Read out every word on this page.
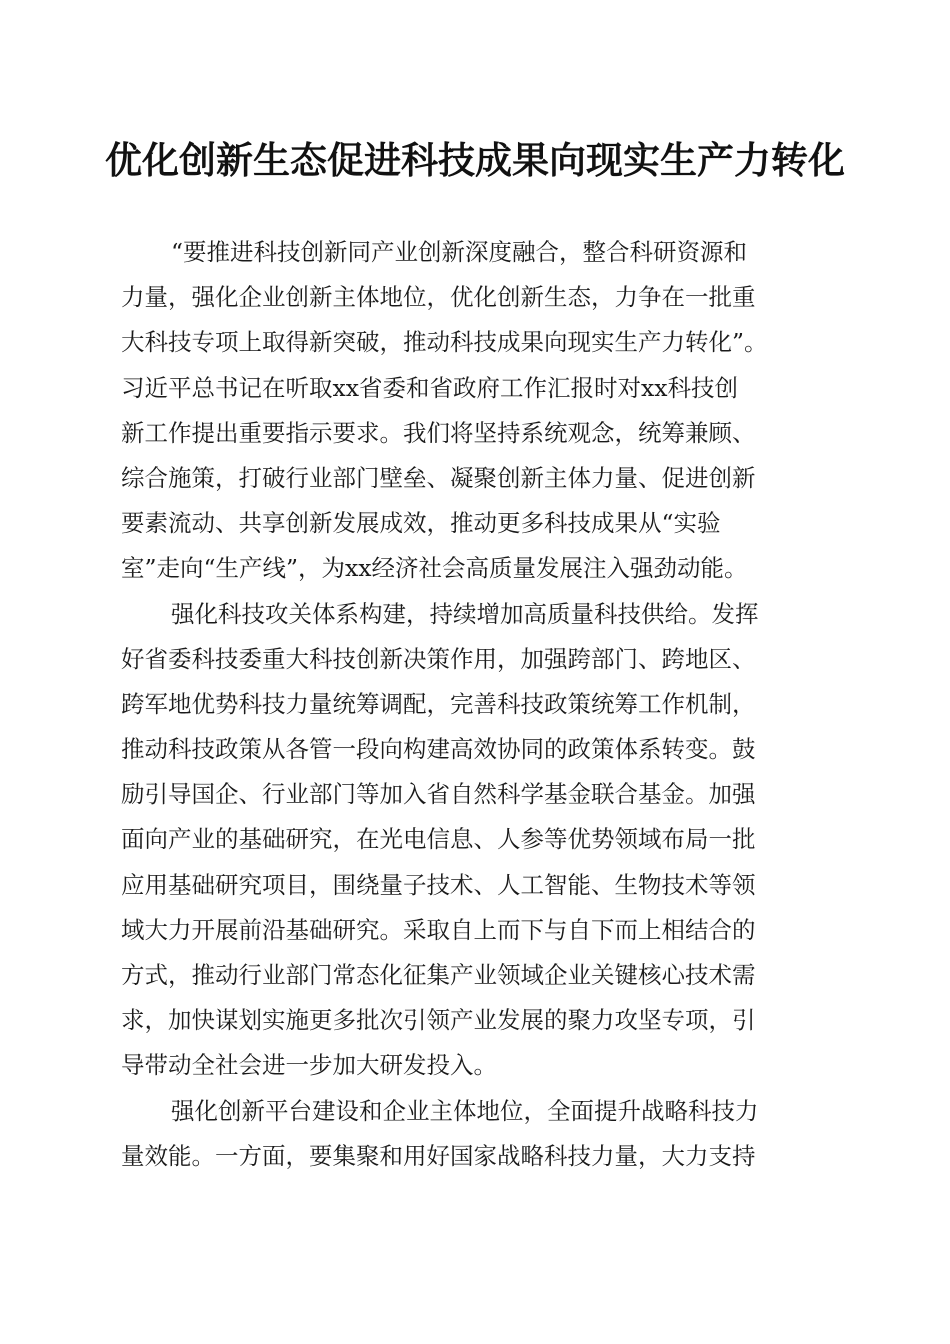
优化创新生态促进科技成果向现实生产力转化
“要推进科技创新同产业创新深度融合，整合科研资源和
力量，强化企业创新主体地位，优化创新生态，力争在一批重
大科技专项上取得新突破，推动科技成果向现实生产力转化”。
习近平总书记在听取xx省委和省政府工作汇报时对xx科技创
新工作提出重要指示要求。我们将坚持系统观念，统筹兼顾、
综合施策，打破行业部门壁垒、凝聚创新主体力量、促进创新
要素流动、共享创新发展成效，推动更多科技成果从“实验
室”走向“生产线”，为xx经济社会高质量发展注入强劲动能。
强化科技攻关体系构建，持续增加高质量科技供给。发挥
好省委科技委重大科技创新决策作用，加强跨部门、跨地区、
跨军地优势科技力量统筹调配，完善科技政策统筹工作机制，
推动科技政策从各管一段向构建高效协同的政策体系转变。鼓
励引导国企、行业部门等加入省自然科学基金联合基金。加强
面向产业的基础研究，在光电信息、人参等优势领域布局一批
应用基础研究项目，围绕量子技术、人工智能、生物技术等领
域大力开展前沿基础研究。采取自上而下与自下而上相结合的
方式，推动行业部门常态化征集产业领域企业关键核心技术需
求，加快谋划实施更多批次引领产业发展的聚力攻坚专项，引
导带动全社会进一步加大研发投入。
强化创新平台建设和企业主体地位，全面提升战略科技力
量效能。一方面，要集聚和用好国家战略科技力量，大力支持
